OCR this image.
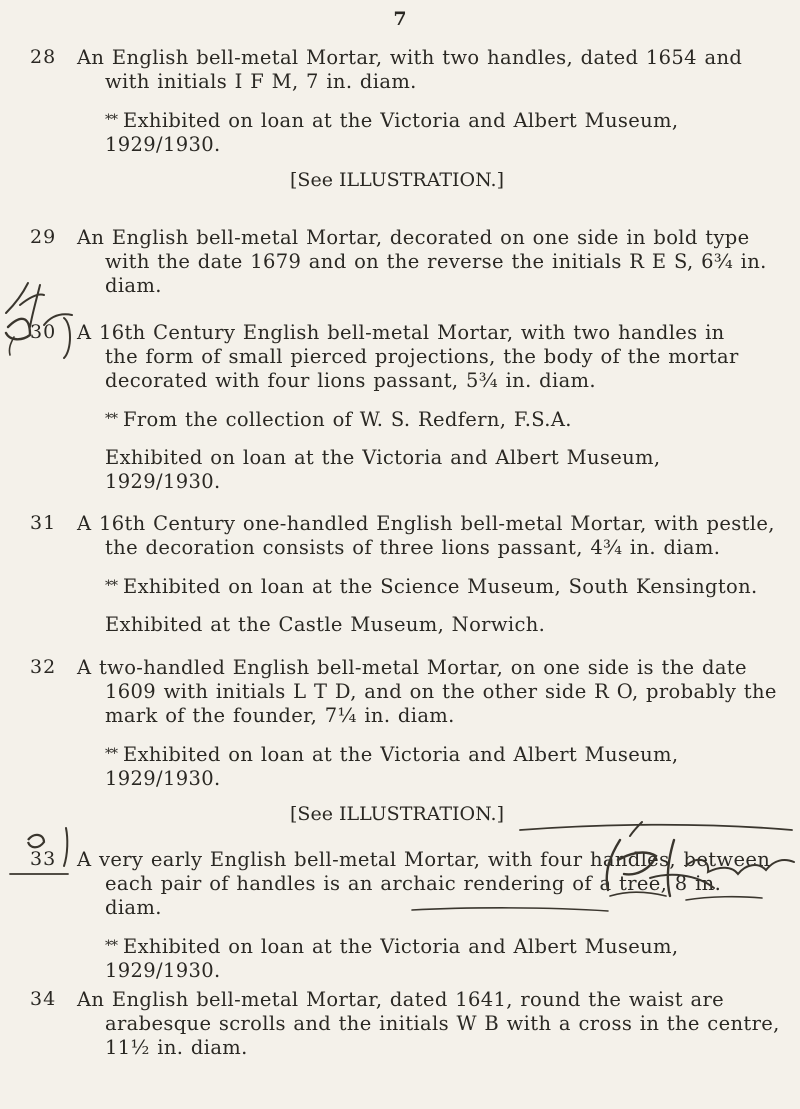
7
28 An English bell-metal Mortar, with two handles, dated 1654 and
with initials I F M, 7 in. diam.
** Exhibited on loan at the Victoria and Albert Museum,
1929/1930.
[See ILLUSTRATION.]
29 An English bell-metal Mortar, decorated on one side in bold type
with the date 1679 and on the reverse the initials R E S, 6¾ in.
diam.
30 A 16th Century English bell-metal Mortar, with two handles in
the form of small pierced projections, the body of the mortar
decorated with four lions passant, 5¾ in. diam.
** From the collection of W. S. Redfern, F.S.A.
Exhibited on loan at the Victoria and Albert Museum,
1929/1930.
31 A 16th Century one-handled English bell-metal Mortar, with pestle,
the decoration consists of three lions passant, 4¾ in. diam.
** Exhibited on loan at the Science Museum, South Kensington.
Exhibited at the Castle Museum, Norwich.
32 A two-handled English bell-metal Mortar, on one side is the date
1609 with initials L T D, and on the other side R O, probably the
mark of the founder, 7¼ in. diam.
** Exhibited on loan at the Victoria and Albert Museum,
1929/1930.
[See ILLUSTRATION.]
33 A very early English bell-metal Mortar, with four handles, between
each pair of handles is an archaic rendering of a tree, 8 in.
diam.
** Exhibited on loan at the Victoria and Albert Museum,
1929/1930.
34 An English bell-metal Mortar, dated 1641, round the waist are
arabesque scrolls and the initials W B with a cross in the centre,
11½ in. diam.
